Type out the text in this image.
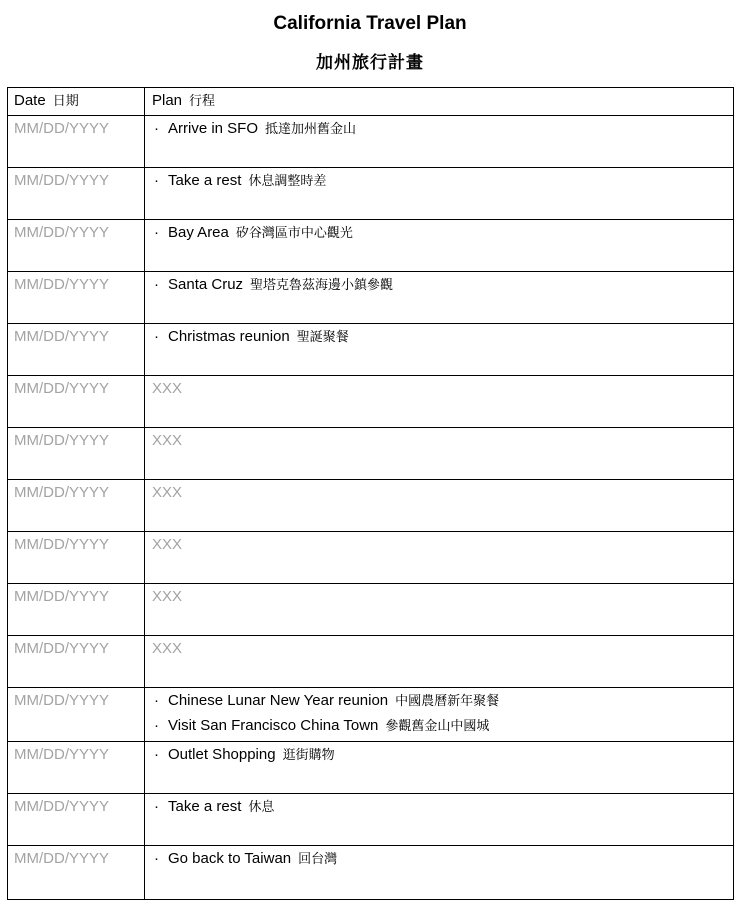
California Travel Plan
加州旅行計畫
Date 日期	Plan 行程
MM/DD/YYYY	· Arrive in SFO 抵達加州舊金山

MM/DD/YYYY	· Take a rest 休息調整時差

MM/DD/YYYY	· Bay Area 矽谷灣區市中心觀光

MM/DD/YYYY	· Santa Cruz 聖塔克魯茲海邊小鎮參觀

MM/DD/YYYY	· Christmas reunion 聖誕聚餐

MM/DD/YYYY	XXX
MM/DD/YYYY	XXX
MM/DD/YYYY	XXX
MM/DD/YYYY	XXX
MM/DD/YYYY	XXX
MM/DD/YYYY	XXX
MM/DD/YYYY	· Chinese Lunar New Year reunion 中國農曆新年聚餐
· Visit San Francisco China Town 參觀舊金山中國城

MM/DD/YYYY	· Outlet Shopping 逛街購物

MM/DD/YYYY	· Take a rest 休息

MM/DD/YYYY	· Go back to Taiwan 回台灣
